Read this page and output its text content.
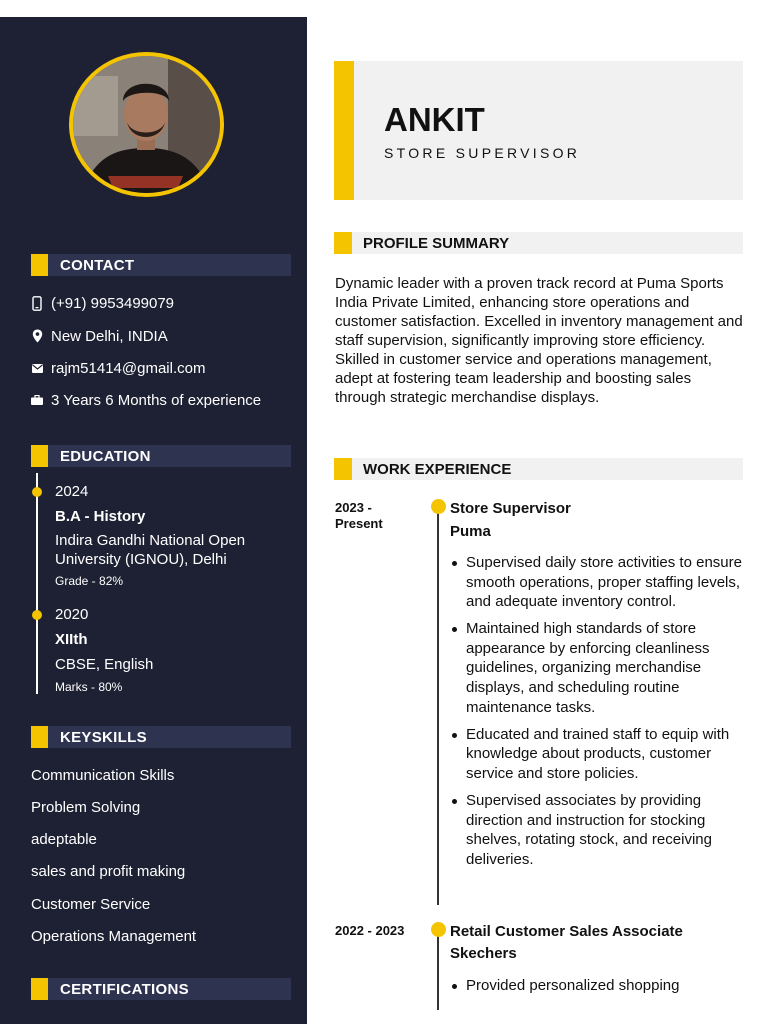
CONTACT
(+91) 9953499079
New Delhi, INDIA
rajm51414@gmail.com
3 Years 6 Months of experience
EDUCATION
2024
B.A - History
Indira Gandhi National Open
University (IGNOU), Delhi
Grade - 82%
2020
XIIth
CBSE, English
Marks - 80%
KEYSKILLS
Communication Skills
Problem Solving
adeptable
sales and profit making
Customer Service
Operations Management
CERTIFICATIONS
ANKIT
STORE SUPERVISOR
PROFILE SUMMARY
Dynamic leader with a proven track record at Puma Sports India Private Limited, enhancing store operations and customer satisfaction. Excelled in inventory management and staff supervision, significantly improving store efficiency. Skilled in customer service and operations management, adept at fostering team leadership and boosting sales through strategic merchandise displays.
WORK EXPERIENCE
2023 -
Present
Store Supervisor
Puma
Supervised daily store activities to ensure smooth operations, proper staffing levels, and adequate inventory control.
Maintained high standards of store appearance by enforcing cleanliness guidelines, organizing merchandise displays, and scheduling routine maintenance tasks.
Educated and trained staff to equip with knowledge about products, customer service and store policies.
Supervised associates by providing direction and instruction for stocking shelves, rotating stock, and receiving deliveries.
2022 - 2023	Retail Customer Sales Associate
Skechers
Provided personalized shopping
